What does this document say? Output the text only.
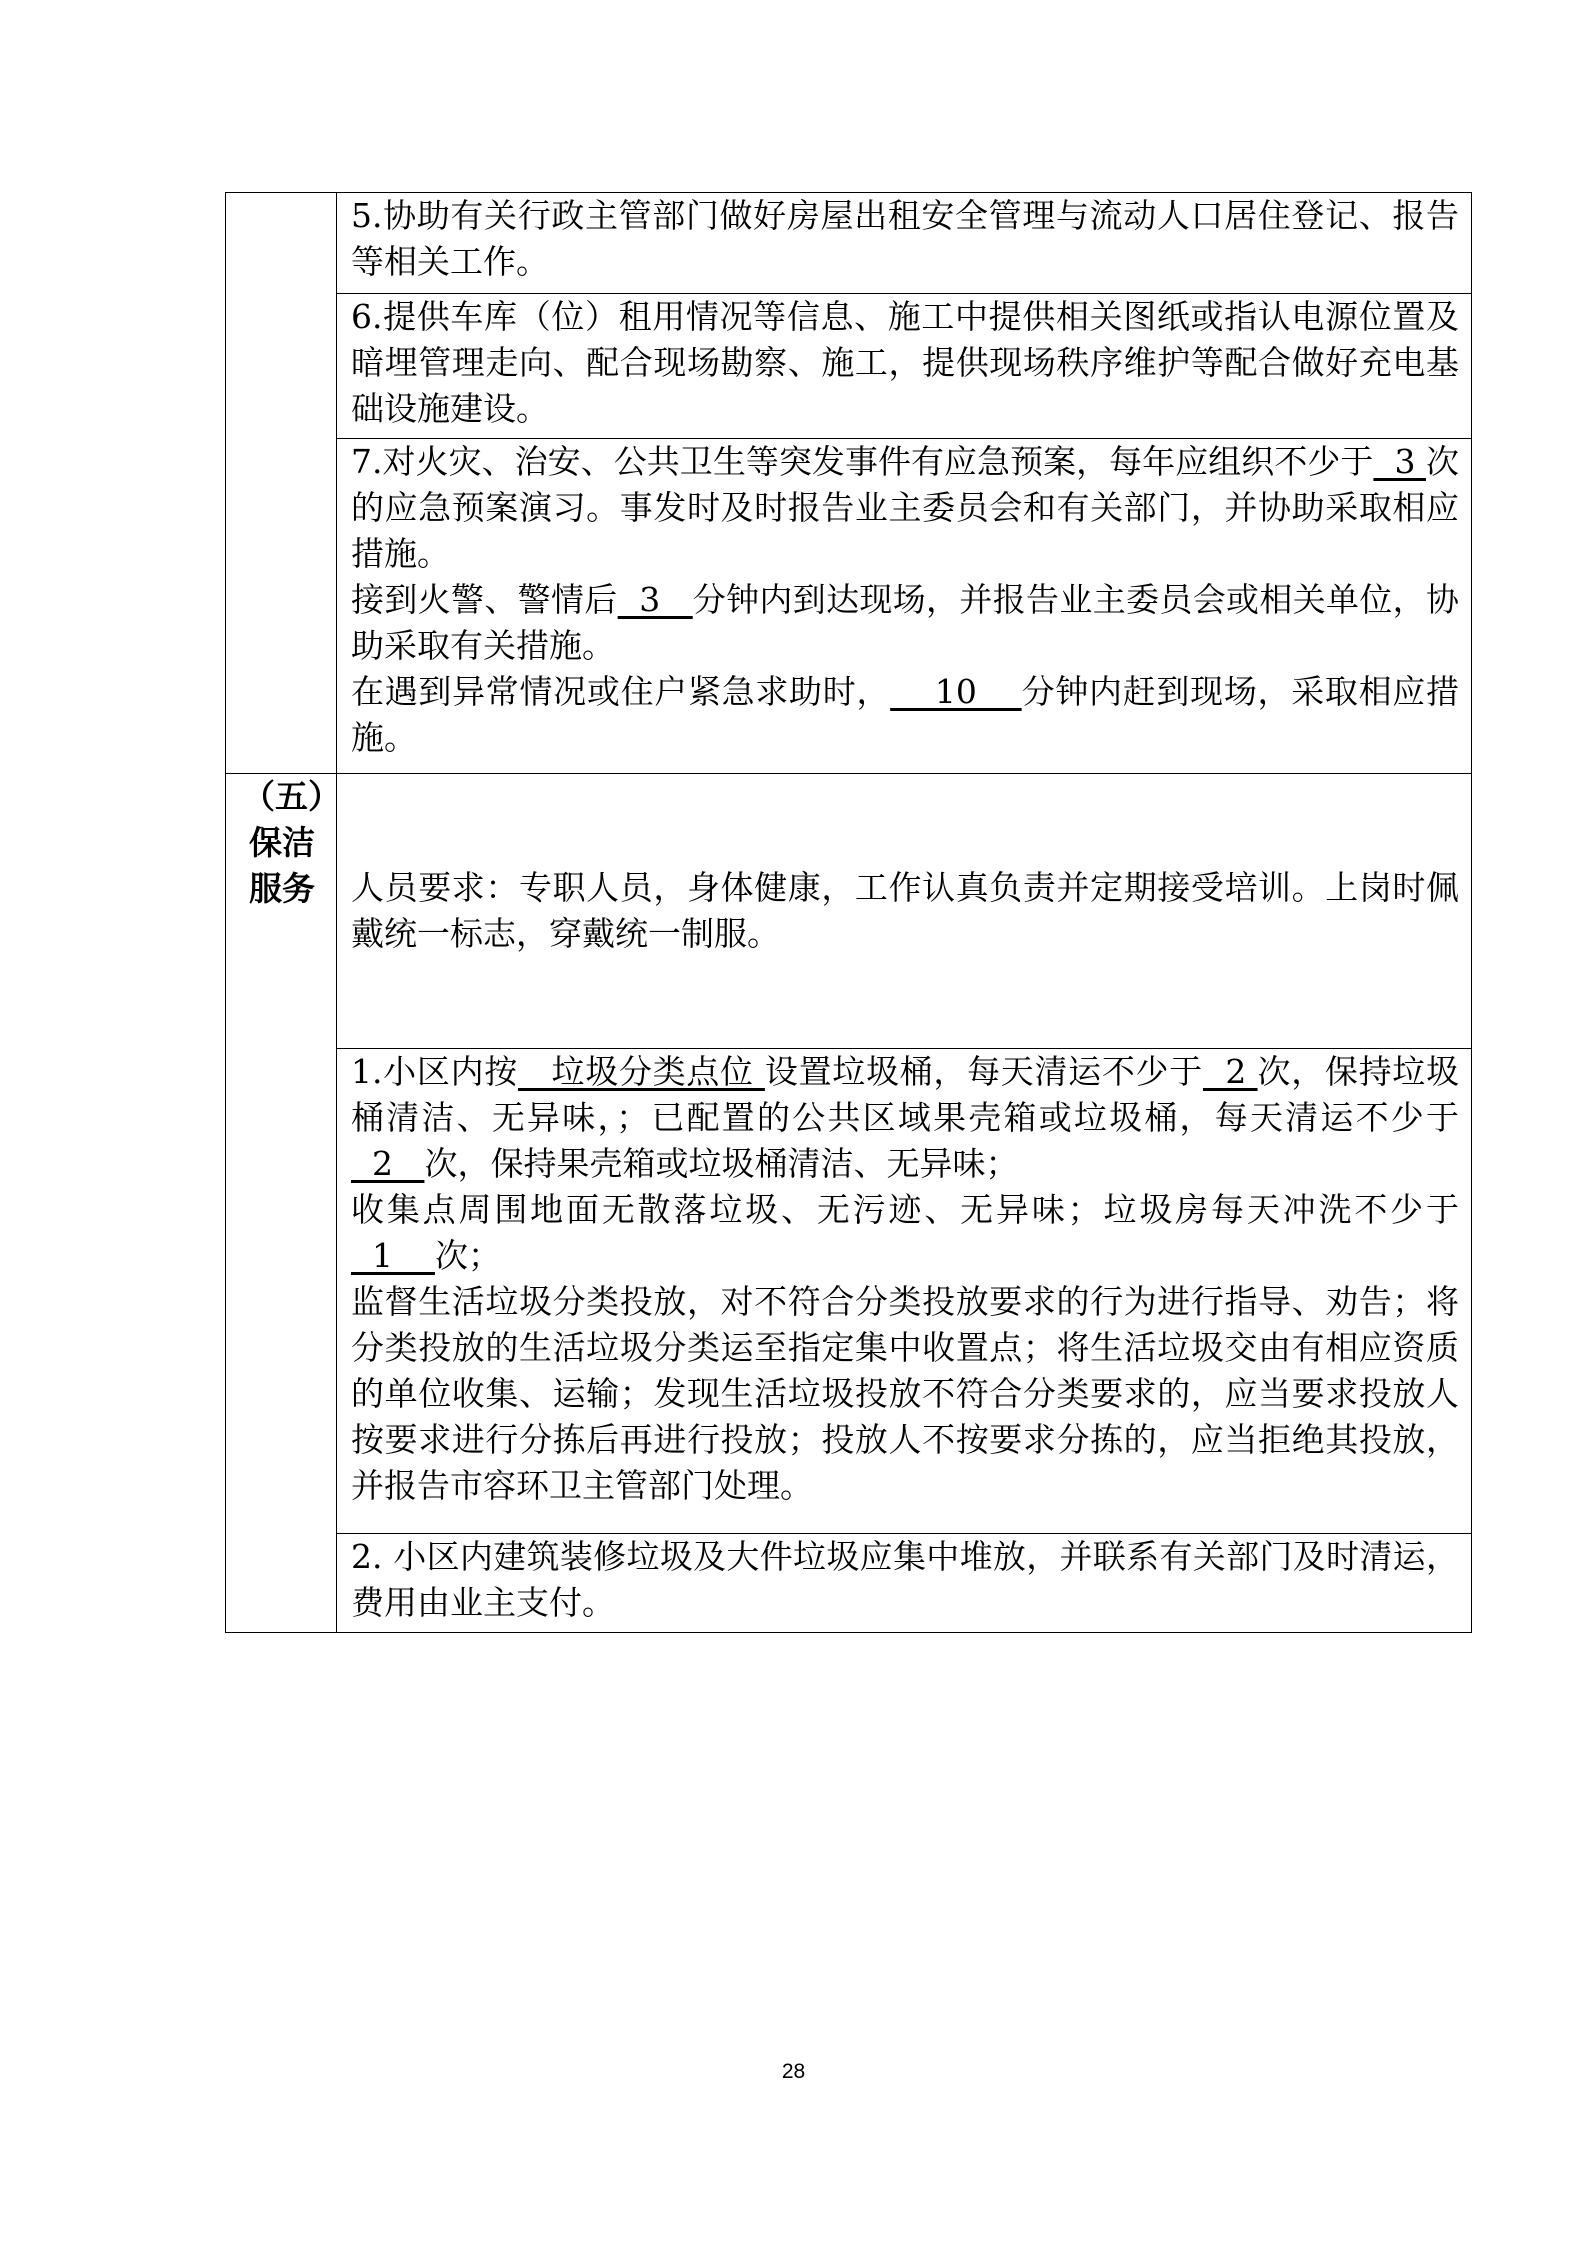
	5.协助有关行政主管部门做好房屋出租安全管理与流动人口居住登记、报告等相关工作。

	6.提供车库（位）租用情况等信息、施工中提供相关图纸或指认电源位置及暗埋管理走向、配合现场勘察、施工，提供现场秩序维护等配合做好充电基础设施建设。

	7.对火灾、治安、公共卫生等突发事件有应急预案，每年应组织不少于  3 次的应急预案演习。事发时及时报告业主委员会和有关部门，并协助采取相应措施。

接到火警、警情后  3   分钟内到达现场，并报告业主委员会或相关单位，协助采取有关措施。

在遇到异常情况或住户紧急求助时，    10    分钟内赶到现场，采取相应措施。

（五）
保洁
服务	人员要求：专职人员，身体健康，工作认真负责并定期接受培训。上岗时佩戴统一标志，穿戴统一制服。

	1.小区内按   垃圾分类点位 设置垃圾桶，每天清运不少于  2 次，保持垃圾桶清洁、无异味，；已配置的公共区域果壳箱或垃圾桶，每天清运不少于  2   次，保持果壳箱或垃圾桶清洁、无异味；

收集点周围地面无散落垃圾、无污迹、无异味；垃圾房每天冲洗不少于  1    次；

监督生活垃圾分类投放，对不符合分类投放要求的行为进行指导、劝告；将分类投放的生活垃圾分类运至指定集中收置点；将生活垃圾交由有相应资质的单位收集、运输；发现生活垃圾投放不符合分类要求的，应当要求投放人按要求进行分拣后再进行投放；投放人不按要求分拣的，应当拒绝其投放，并报告市容环卫主管部门处理。

	2. 小区内建筑装修垃圾及大件垃圾应集中堆放，并联系有关部门及时清运，费用由业主支付。

28
